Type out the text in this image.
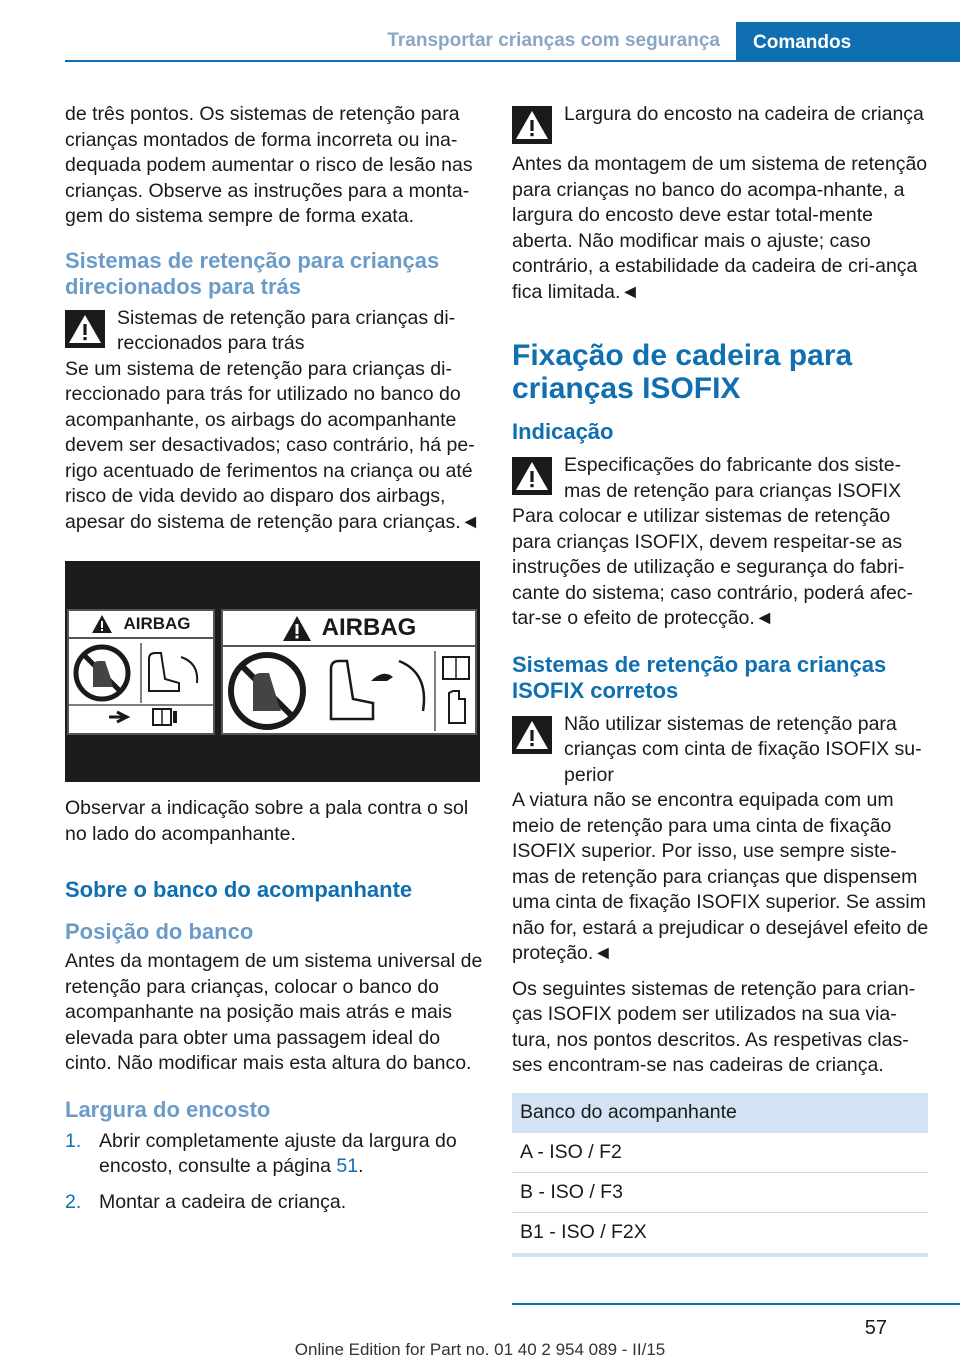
Transportar crianças com segurança	Comandos

de três pontos. Os sistemas de retenção para crianças montados de forma incorreta ou ina-dequada podem aumentar o risco de lesão nas crianças. Observe as instruções para a monta-gem do sistema sempre de forma exata.

Sistemas de retenção para crianças direcionados para trás
Sistemas de retenção para crianças di-reccionados para trás

Se um sistema de retenção para crianças di-reccionado para trás for utilizado no banco do acompanhante, os airbags do acompanhante devem ser desactivados; caso contrário, há pe-rigo acentuado de ferimentos na criança ou até risco de vida devido ao disparo dos airbags, apesar do sistema de retenção para crianças.◄

AIRBAG	AIRBAG

Observar a indicação sobre a pala contra o sol no lado do acompanhante.

Sobre o banco do acompanhante
Posição do banco

Antes da montagem de um sistema universal de retenção para crianças, colocar o banco do acompanhante na posição mais atrás e mais elevada para obter uma passagem ideal do cinto. Não modificar mais esta altura do banco.

Largura do encosto
1. Abrir completamente ajuste da largura do encosto, consulte a página 51.
2. Montar a cadeira de criança.
Largura do encosto na cadeira de criança

Antes da montagem de um sistema de retenção para crianças no banco do acompa-nhante, a largura do encosto deve estar total-mente aberta. Não modificar mais o ajuste; caso contrário, a estabilidade da cadeira de cri-ança fica limitada.◄

Fixação de cadeira para crianças ISOFIX
Indicação
Especificações do fabricante dos siste-mas de retenção para crianças ISOFIX

Para colocar e utilizar sistemas de retenção para crianças ISOFIX, devem respeitar-se as instruções de utilização e segurança do fabri-cante do sistema; caso contrário, poderá afec-tar-se o efeito de protecção.◄

Sistemas de retenção para crianças ISOFIX corretos
Não utilizar sistemas de retenção para crianças com cinta de fixação ISOFIX su-perior

A viatura não se encontra equipada com um meio de retenção para uma cinta de fixação ISOFIX superior. Por isso, use sempre siste-mas de retenção para crianças que dispensem uma cinta de fixação ISOFIX superior. Se assim não for, estará a prejudicar o desejável efeito de proteção.◄

Os seguintes sistemas de retenção para crian-ças ISOFIX podem ser utilizados na sua via-tura, nos pontos descritos. As respetivas clas-ses encontram-se nas cadeiras de criança.

Banco do acompanhante
A - ISO / F2
B - ISO / F3
B1 - ISO / F2X
57
Online Edition for Part no. 01 40 2 954 089 - II/15
